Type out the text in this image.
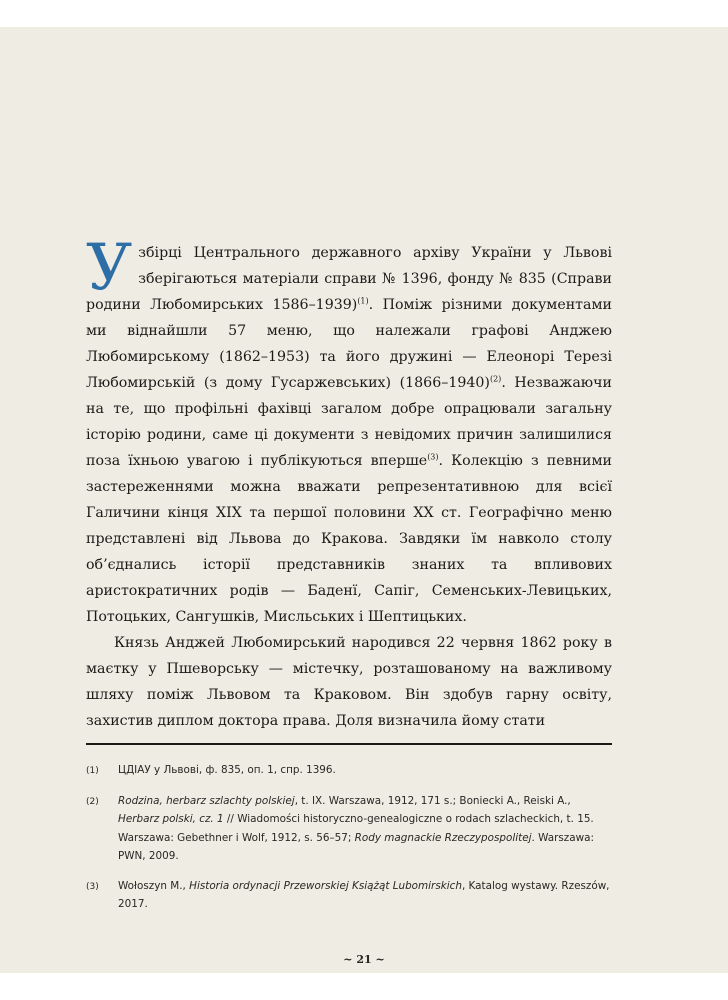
У збірці Центрального державного архіву України у Львові зберігаються матеріали справи № 1396, фонду № 835 (Справи родини Любомирських 1586–1939)$^{(1)}$. Поміж різними документами ми віднайшли 57 меню, що належали графові Анджею Любомирському (1862–1953) та його дружині — Елеонорі Терезі Любомирській (з дому Гусаржевських) (1866–1940)$^{(2)}$. Незважаючи на те, що профільні фахівці загалом добре опрацювали загальну історію родини, саме ці документи з невідомих причин залишилися поза їхньою увагою і публікуються вперше$^{(3)}$. Колекцію з певними застереженнями можна вважати репрезентативною для всієї Галичини кінця XIX та першої половини XX ст. Географічно меню представлені від Львова до Кракова. Завдяки їм навколо столу об’єднались історії представників знаних та впливових аристократичних родів — Баденї, Сапіг, Семенських-Левицьких, Потоцьких, Сангушків, Мисльських і Шептицьких.

Князь Анджей Любомирський народився 22 червня 1862 року в маєтку у Пшеворську — містечку, розташованому на важливому шляху поміж Львовом та Краковом. Він здобув гарну освіту, захистив диплом доктора права. Доля визначила йому стати

(1)	ЦДІАУ у Львові, ф. 835, оп. 1, спр. 1396.
(2)	Rodzina, herbarz szlachty polskiej, t. IX. Warszawa, 1912, 171 s.; Boniecki A., Reiski A., Herbarz polski, cz. 1 // Wiadomości historyczno-genealogiczne o rodach szlacheckich, t. 15. Warszawa: Gebethner i Wolf, 1912, s. 56–57; Rody magnackie Rzeczypospolitej. Warszawa: PWN, 2009.
(3)	Wołoszyn M., Historia ordynacji Przeworskiej Książąt Lubomirskich, Katalog wystawy. Rzeszów, 2017.
~ 21 ~
